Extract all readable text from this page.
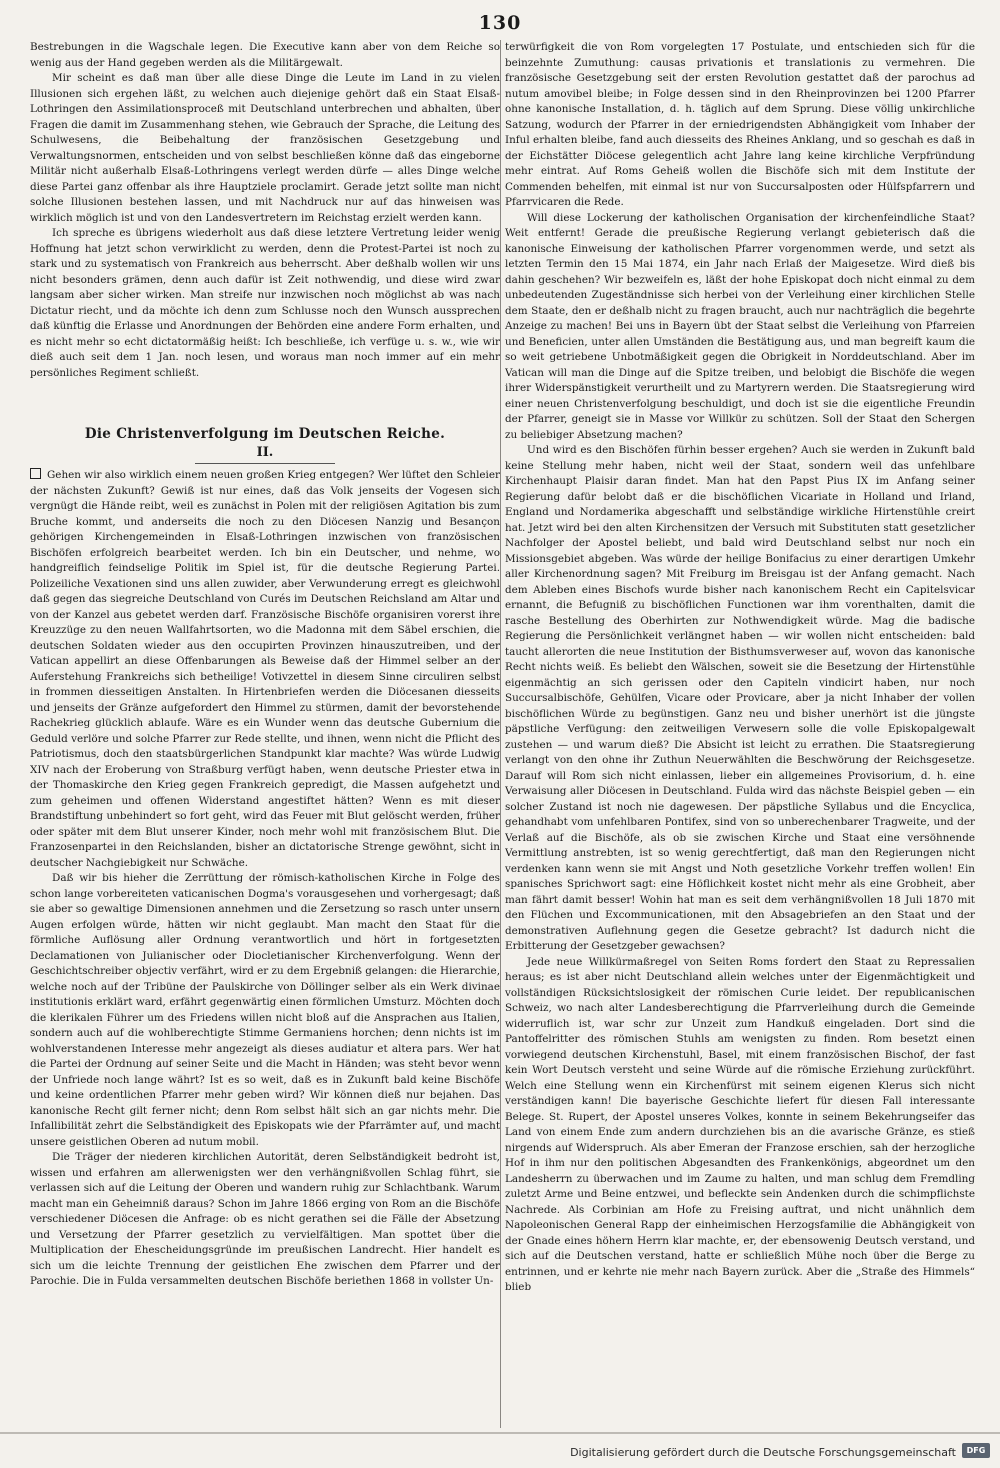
130

Bestrebungen in die Wagschale legen. Die Executive kann aber von dem Reiche so wenig aus der Hand gegeben werden als die Militärgewalt.

Mir scheint es daß man über alle diese Dinge die Leute im Land in zu vielen Illusionen sich ergehen läßt, zu welchen auch diejenige gehört daß ein Staat Elsaß-Lothringen den Assimilationsproceß mit Deutschland unterbrechen und abhalten, über Fragen die damit im Zusammenhang stehen, wie Gebrauch der Sprache, die Leitung des Schulwesens, die Beibehaltung der französischen Gesetzgebung und Verwaltungsnormen, entscheiden und von selbst beschließen könne daß das eingeborne Militär nicht außerhalb Elsaß-Lothringens verlegt werden dürfe — alles Dinge welche diese Partei ganz offenbar als ihre Hauptziele proclamirt. Gerade jetzt sollte man nicht solche Illusionen bestehen lassen, und mit Nachdruck nur auf das hinweisen was wirklich möglich ist und von den Landesvertretern im Reichstag erzielt werden kann.

Ich spreche es übrigens wiederholt aus daß diese letztere Vertretung leider wenig Hoffnung hat jetzt schon verwirklicht zu werden, denn die Protest-Partei ist noch zu stark und zu systematisch von Frankreich aus beherrscht. Aber deßhalb wollen wir uns nicht besonders grämen, denn auch dafür ist Zeit nothwendig, und diese wird zwar langsam aber sicher wirken. Man streife nur inzwischen noch möglichst ab was nach Dictatur riecht, und da möchte ich denn zum Schlusse noch den Wunsch aussprechen daß künftig die Erlasse und Anordnungen der Behörden eine andere Form erhalten, und es nicht mehr so echt dictatormäßig heißt: Ich beschließe, ich verfüge u. s. w., wie wir dieß auch seit dem 1 Jan. noch lesen, und woraus man noch immer auf ein mehr persönliches Regiment schließt.

Die Christenverfolgung im Deutschen Reiche.
II.

Gehen wir also wirklich einem neuen großen Krieg entgegen? Wer lüftet den Schleier der nächsten Zukunft? Gewiß ist nur eines, daß das Volk jenseits der Vogesen sich vergnügt die Hände reibt, weil es zunächst in Polen mit der religiösen Agitation bis zum Bruche kommt, und anderseits die noch zu den Diöcesen Nanzig und Besançon gehörigen Kirchengemeinden in Elsaß-Lothringen inzwischen von französischen Bischöfen erfolgreich bearbeitet werden. Ich bin ein Deutscher, und nehme, wo handgreiflich feindselige Politik im Spiel ist, für die deutsche Regierung Partei. Polizeiliche Vexationen sind uns allen zuwider, aber Verwunderung erregt es gleichwohl daß gegen das siegreiche Deutschland von Curés im Deutschen Reichsland am Altar und von der Kanzel aus gebetet werden darf. Französische Bischöfe organisiren vorerst ihre Kreuzzüge zu den neuen Wallfahrtsorten, wo die Madonna mit dem Säbel erschien, die deutschen Soldaten wieder aus den occupirten Provinzen hinauszutreiben, und der Vatican appellirt an diese Offenbarungen als Beweise daß der Himmel selber an der Auferstehung Frankreichs sich betheilige! Votivzettel in diesem Sinne circuliren selbst in frommen diesseitigen Anstalten. In Hirtenbriefen werden die Diöcesanen diesseits und jenseits der Gränze aufgefordert den Himmel zu stürmen, damit der bevorstehende Rachekrieg glücklich ablaufe. Wäre es ein Wunder wenn das deutsche Gubernium die Geduld verlöre und solche Pfarrer zur Rede stellte, und ihnen, wenn nicht die Pflicht des Patriotismus, doch den staatsbürgerlichen Standpunkt klar machte? Was würde Ludwig XIV nach der Eroberung von Straßburg verfügt haben, wenn deutsche Priester etwa in der Thomaskirche den Krieg gegen Frankreich gepredigt, die Massen aufgehetzt und zum geheimen und offenen Widerstand angestiftet hätten? Wenn es mit dieser Brandstiftung unbehindert so fort geht, wird das Feuer mit Blut gelöscht werden, früher oder später mit dem Blut unserer Kinder, noch mehr wohl mit französischem Blut. Die Franzosenpartei in den Reichslanden, bisher an dictatorische Strenge gewöhnt, sicht in deutscher Nachgiebigkeit nur Schwäche.

Daß wir bis hieher die Zerrüttung der römisch-katholischen Kirche in Folge des schon lange vorbereiteten vaticanischen Dogma's vorausgesehen und vorhergesagt; daß sie aber so gewaltige Dimensionen annehmen und die Zersetzung so rasch unter unsern Augen erfolgen würde, hätten wir nicht geglaubt. Man macht den Staat für die förmliche Auflösung aller Ordnung verantwortlich und hört in fortgesetzten Declamationen von Julianischer oder Diocletianischer Kirchenverfolgung. Wenn der Geschichtschreiber objectiv verfährt, wird er zu dem Ergebniß gelangen: die Hierarchie, welche noch auf der Tribüne der Paulskirche von Döllinger selber als ein Werk divinae institutionis erklärt ward, erfährt gegenwärtig einen förmlichen Umsturz. Möchten doch die klerikalen Führer um des Friedens willen nicht bloß auf die Ansprachen aus Italien, sondern auch auf die wohlberechtigte Stimme Germaniens horchen; denn nichts ist im wohlverstandenen Interesse mehr angezeigt als dieses audiatur et altera pars. Wer hat die Partei der Ordnung auf seiner Seite und die Macht in Händen; was steht bevor wenn der Unfriede noch lange währt? Ist es so weit, daß es in Zukunft bald keine Bischöfe und keine ordentlichen Pfarrer mehr geben wird? Wir können dieß nur bejahen. Das kanonische Recht gilt ferner nicht; denn Rom selbst hält sich an gar nichts mehr. Die Infallibilität zehrt die Selbständigkeit des Episkopats wie der Pfarrämter auf, und macht unsere geistlichen Oberen ad nutum mobil.

Die Träger der niederen kirchlichen Autorität, deren Selbständigkeit bedroht ist, wissen und erfahren am allerwenigsten wer den verhängnißvollen Schlag führt, sie verlassen sich auf die Leitung der Oberen und wandern ruhig zur Schlachtbank. Warum macht man ein Geheimniß daraus? Schon im Jahre 1866 erging von Rom an die Bischöfe verschiedener Diöcesen die Anfrage: ob es nicht gerathen sei die Fälle der Absetzung und Versetzung der Pfarrer gesetzlich zu vervielfältigen. Man spottet über die Multiplication der Ehescheidungsgründe im preußischen Landrecht. Hier handelt es sich um die leichte Trennung der geistlichen Ehe zwischen dem Pfarrer und der Parochie. Die in Fulda versammelten deutschen Bischöfe beriethen 1868 in vollster Un-

terwürfigkeit die von Rom vorgelegten 17 Postulate, und entschieden sich für die beinzehnte Zumuthung: causas privationis et translationis zu vermehren. Die französische Gesetzgebung seit der ersten Revolution gestattet daß der parochus ad nutum amovibel bleibe; in Folge dessen sind in den Rheinprovinzen bei 1200 Pfarrer ohne kanonische Installation, d. h. täglich auf dem Sprung. Diese völlig unkirchliche Satzung, wodurch der Pfarrer in der erniedrigendsten Abhängigkeit vom Inhaber der Inful erhalten bleibe, fand auch diesseits des Rheines Anklang, und so geschah es daß in der Eichstätter Diöcese gelegentlich acht Jahre lang keine kirchliche Verpfründung mehr eintrat. Auf Roms Geheiß wollen die Bischöfe sich mit dem Institute der Commenden behelfen, mit einmal ist nur von Succursalposten oder Hülfspfarrern und Pfarrvicaren die Rede.

Will diese Lockerung der katholischen Organisation der kirchenfeindliche Staat? Weit entfernt! Gerade die preußische Regierung verlangt gebieterisch daß die kanonische Einweisung der katholischen Pfarrer vorgenommen werde, und setzt als letzten Termin den 15 Mai 1874, ein Jahr nach Erlaß der Maigesetze. Wird dieß bis dahin geschehen? Wir bezweifeln es, läßt der hohe Episkopat doch nicht einmal zu dem unbedeutenden Zugeständnisse sich herbei von der Verleihung einer kirchlichen Stelle dem Staate, den er deßhalb nicht zu fragen braucht, auch nur nachträglich die begehrte Anzeige zu machen! Bei uns in Bayern übt der Staat selbst die Verleihung von Pfarreien und Beneficien, unter allen Umständen die Bestätigung aus, und man begreift kaum die so weit getriebene Unbotmäßigkeit gegen die Obrigkeit in Norddeutschland. Aber im Vatican will man die Dinge auf die Spitze treiben, und belobigt die Bischöfe die wegen ihrer Widerspänstigkeit verurtheilt und zu Martyrern werden. Die Staatsregierung wird einer neuen Christenverfolgung beschuldigt, und doch ist sie die eigentliche Freundin der Pfarrer, geneigt sie in Masse vor Willkür zu schützen. Soll der Staat den Schergen zu beliebiger Absetzung machen?

Und wird es den Bischöfen fürhin besser ergehen? Auch sie werden in Zukunft bald keine Stellung mehr haben, nicht weil der Staat, sondern weil das unfehlbare Kirchenhaupt Plaisir daran findet. Man hat den Papst Pius IX im Anfang seiner Regierung dafür belobt daß er die bischöflichen Vicariate in Holland und Irland, England und Nordamerika abgeschafft und selbständige wirkliche Hirtenstühle creirt hat. Jetzt wird bei den alten Kirchensitzen der Versuch mit Substituten statt gesetzlicher Nachfolger der Apostel beliebt, und bald wird Deutschland selbst nur noch ein Missionsgebiet abgeben. Was würde der heilige Bonifacius zu einer derartigen Umkehr aller Kirchenordnung sagen? Mit Freiburg im Breisgau ist der Anfang gemacht. Nach dem Ableben eines Bischofs wurde bisher nach kanonischem Recht ein Capitelsvicar ernannt, die Befugniß zu bischöflichen Functionen war ihm vorenthalten, damit die rasche Bestellung des Oberhirten zur Nothwendigkeit würde. Mag die badische Regierung die Persönlichkeit verlängnet haben — wir wollen nicht entscheiden: bald taucht allerorten die neue Institution der Bisthumsverweser auf, wovon das kanonische Recht nichts weiß. Es beliebt den Wälschen, soweit sie die Besetzung der Hirtenstühle eigenmächtig an sich gerissen oder den Capiteln vindicirt haben, nur noch Succursalbischöfe, Gehülfen, Vicare oder Provicare, aber ja nicht Inhaber der vollen bischöflichen Würde zu begünstigen. Ganz neu und bisher unerhört ist die jüngste päpstliche Verfügung: den zeitweiligen Verwesern solle die volle Episkopalgewalt zustehen — und warum dieß? Die Absicht ist leicht zu errathen. Die Staatsregierung verlangt von den ohne ihr Zuthun Neuerwählten die Beschwörung der Reichsgesetze. Darauf will Rom sich nicht einlassen, lieber ein allgemeines Provisorium, d. h. eine Verwaisung aller Diöcesen in Deutschland. Fulda wird das nächste Beispiel geben — ein solcher Zustand ist noch nie dagewesen. Der päpstliche Syllabus und die Encyclica, gehandhabt vom unfehlbaren Pontifex, sind von so unberechenbarer Tragweite, und der Verlaß auf die Bischöfe, als ob sie zwischen Kirche und Staat eine versöhnende Vermittlung anstrebten, ist so wenig gerechtfertigt, daß man den Regierungen nicht verdenken kann wenn sie mit Angst und Noth gesetzliche Vorkehr treffen wollen! Ein spanisches Sprichwort sagt: eine Höflichkeit kostet nicht mehr als eine Grobheit, aber man fährt damit besser! Wohin hat man es seit dem verhängnißvollen 18 Juli 1870 mit den Flüchen und Excommunicationen, mit den Absagebriefen an den Staat und der demonstrativen Auflehnung gegen die Gesetze gebracht? Ist dadurch nicht die Erbitterung der Gesetzgeber gewachsen?

Jede neue Willkürmaßregel von Seiten Roms fordert den Staat zu Repressalien heraus; es ist aber nicht Deutschland allein welches unter der Eigenmächtigkeit und vollständigen Rücksichtslosigkeit der römischen Curie leidet. Der republicanischen Schweiz, wo nach alter Landesberechtigung die Pfarrverleihung durch die Gemeinde widerruflich ist, war schr zur Unzeit zum Handkuß eingeladen. Dort sind die Pantoffelritter des römischen Stuhls am wenigsten zu finden. Rom besetzt einen vorwiegend deutschen Kirchenstuhl, Basel, mit einem französischen Bischof, der fast kein Wort Deutsch versteht und seine Würde auf die römische Erziehung zurückführt. Welch eine Stellung wenn ein Kirchenfürst mit seinem eigenen Klerus sich nicht verständigen kann! Die bayerische Geschichte liefert für diesen Fall interessante Belege. St. Rupert, der Apostel unseres Volkes, konnte in seinem Bekehrungseifer das Land von einem Ende zum andern durchziehen bis an die avarische Gränze, es stieß nirgends auf Widerspruch. Als aber Emeran der Franzose erschien, sah der herzogliche Hof in ihm nur den politischen Abgesandten des Frankenkönigs, abgeordnet um den Landesherrn zu überwachen und im Zaume zu halten, und man schlug dem Fremdling zuletzt Arme und Beine entzwei, und befleckte sein Andenken durch die schimpflichste Nachrede. Als Corbinian am Hofe zu Freising auftrat, und nicht unähnlich dem Napoleonischen General Rapp der einheimischen Herzogsfamilie die Abhängigkeit von der Gnade eines höhern Herrn klar machte, er, der ebensowenig Deutsch verstand, und sich auf die Deutschen verstand, hatte er schließlich Mühe noch über die Berge zu entrinnen, und er kehrte nie mehr nach Bayern zurück. Aber die „Straße des Himmels“ blieb

Digitalisierung gefördert durch die Deutsche Forschungsgemeinschaft	DFG
